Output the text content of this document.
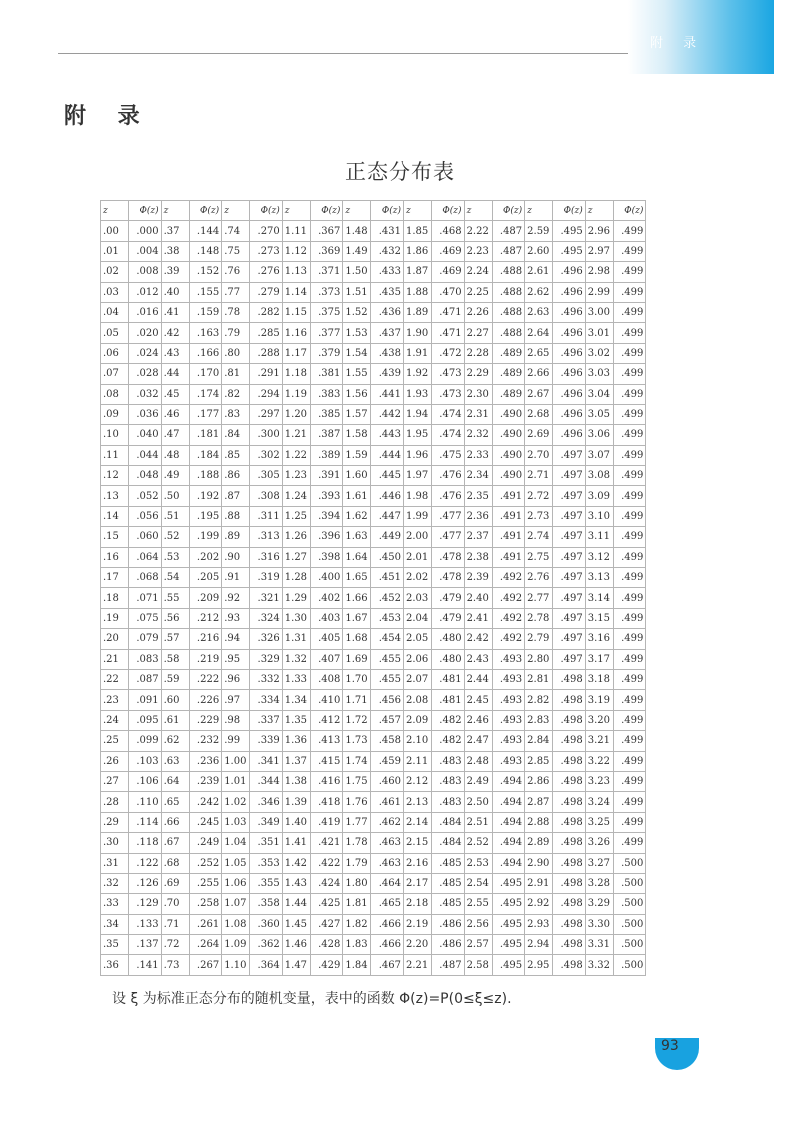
附 录
附 录
正态分布表
z	Φ(z)	z	Φ(z)	z	Φ(z)	z	Φ(z)	z	Φ(z)	z	Φ(z)	z	Φ(z)	z	Φ(z)	z	Φ(z)
.00	.000	.37	.144	.74	.270	1.11	.367	1.48	.431	1.85	.468	2.22	.487	2.59	.495	2.96	.499
.01	.004	.38	.148	.75	.273	1.12	.369	1.49	.432	1.86	.469	2.23	.487	2.60	.495	2.97	.499
.02	.008	.39	.152	.76	.276	1.13	.371	1.50	.433	1.87	.469	2.24	.488	2.61	.496	2.98	.499
.03	.012	.40	.155	.77	.279	1.14	.373	1.51	.435	1.88	.470	2.25	.488	2.62	.496	2.99	.499
.04	.016	.41	.159	.78	.282	1.15	.375	1.52	.436	1.89	.471	2.26	.488	2.63	.496	3.00	.499
.05	.020	.42	.163	.79	.285	1.16	.377	1.53	.437	1.90	.471	2.27	.488	2.64	.496	3.01	.499
.06	.024	.43	.166	.80	.288	1.17	.379	1.54	.438	1.91	.472	2.28	.489	2.65	.496	3.02	.499
.07	.028	.44	.170	.81	.291	1.18	.381	1.55	.439	1.92	.473	2.29	.489	2.66	.496	3.03	.499
.08	.032	.45	.174	.82	.294	1.19	.383	1.56	.441	1.93	.473	2.30	.489	2.67	.496	3.04	.499
.09	.036	.46	.177	.83	.297	1.20	.385	1.57	.442	1.94	.474	2.31	.490	2.68	.496	3.05	.499
.10	.040	.47	.181	.84	.300	1.21	.387	1.58	.443	1.95	.474	2.32	.490	2.69	.496	3.06	.499
.11	.044	.48	.184	.85	.302	1.22	.389	1.59	.444	1.96	.475	2.33	.490	2.70	.497	3.07	.499
.12	.048	.49	.188	.86	.305	1.23	.391	1.60	.445	1.97	.476	2.34	.490	2.71	.497	3.08	.499
.13	.052	.50	.192	.87	.308	1.24	.393	1.61	.446	1.98	.476	2.35	.491	2.72	.497	3.09	.499
.14	.056	.51	.195	.88	.311	1.25	.394	1.62	.447	1.99	.477	2.36	.491	2.73	.497	3.10	.499
.15	.060	.52	.199	.89	.313	1.26	.396	1.63	.449	2.00	.477	2.37	.491	2.74	.497	3.11	.499
.16	.064	.53	.202	.90	.316	1.27	.398	1.64	.450	2.01	.478	2.38	.491	2.75	.497	3.12	.499
.17	.068	.54	.205	.91	.319	1.28	.400	1.65	.451	2.02	.478	2.39	.492	2.76	.497	3.13	.499
.18	.071	.55	.209	.92	.321	1.29	.402	1.66	.452	2.03	.479	2.40	.492	2.77	.497	3.14	.499
.19	.075	.56	.212	.93	.324	1.30	.403	1.67	.453	2.04	.479	2.41	.492	2.78	.497	3.15	.499
.20	.079	.57	.216	.94	.326	1.31	.405	1.68	.454	2.05	.480	2.42	.492	2.79	.497	3.16	.499
.21	.083	.58	.219	.95	.329	1.32	.407	1.69	.455	2.06	.480	2.43	.493	2.80	.497	3.17	.499
.22	.087	.59	.222	.96	.332	1.33	.408	1.70	.455	2.07	.481	2.44	.493	2.81	.498	3.18	.499
.23	.091	.60	.226	.97	.334	1.34	.410	1.71	.456	2.08	.481	2.45	.493	2.82	.498	3.19	.499
.24	.095	.61	.229	.98	.337	1.35	.412	1.72	.457	2.09	.482	2.46	.493	2.83	.498	3.20	.499
.25	.099	.62	.232	.99	.339	1.36	.413	1.73	.458	2.10	.482	2.47	.493	2.84	.498	3.21	.499
.26	.103	.63	.236	1.00	.341	1.37	.415	1.74	.459	2.11	.483	2.48	.493	2.85	.498	3.22	.499
.27	.106	.64	.239	1.01	.344	1.38	.416	1.75	.460	2.12	.483	2.49	.494	2.86	.498	3.23	.499
.28	.110	.65	.242	1.02	.346	1.39	.418	1.76	.461	2.13	.483	2.50	.494	2.87	.498	3.24	.499
.29	.114	.66	.245	1.03	.349	1.40	.419	1.77	.462	2.14	.484	2.51	.494	2.88	.498	3.25	.499
.30	.118	.67	.249	1.04	.351	1.41	.421	1.78	.463	2.15	.484	2.52	.494	2.89	.498	3.26	.499
.31	.122	.68	.252	1.05	.353	1.42	.422	1.79	.463	2.16	.485	2.53	.494	2.90	.498	3.27	.500
.32	.126	.69	.255	1.06	.355	1.43	.424	1.80	.464	2.17	.485	2.54	.495	2.91	.498	3.28	.500
.33	.129	.70	.258	1.07	.358	1.44	.425	1.81	.465	2.18	.485	2.55	.495	2.92	.498	3.29	.500
.34	.133	.71	.261	1.08	.360	1.45	.427	1.82	.466	2.19	.486	2.56	.495	2.93	.498	3.30	.500
.35	.137	.72	.264	1.09	.362	1.46	.428	1.83	.466	2.20	.486	2.57	.495	2.94	.498	3.31	.500
.36	.141	.73	.267	1.10	.364	1.47	.429	1.84	.467	2.21	.487	2.58	.495	2.95	.498	3.32	.500
设 ξ 为标准正态分布的随机变量，表中的函数 Φ(z)=P(0≤ξ≤z).
93
